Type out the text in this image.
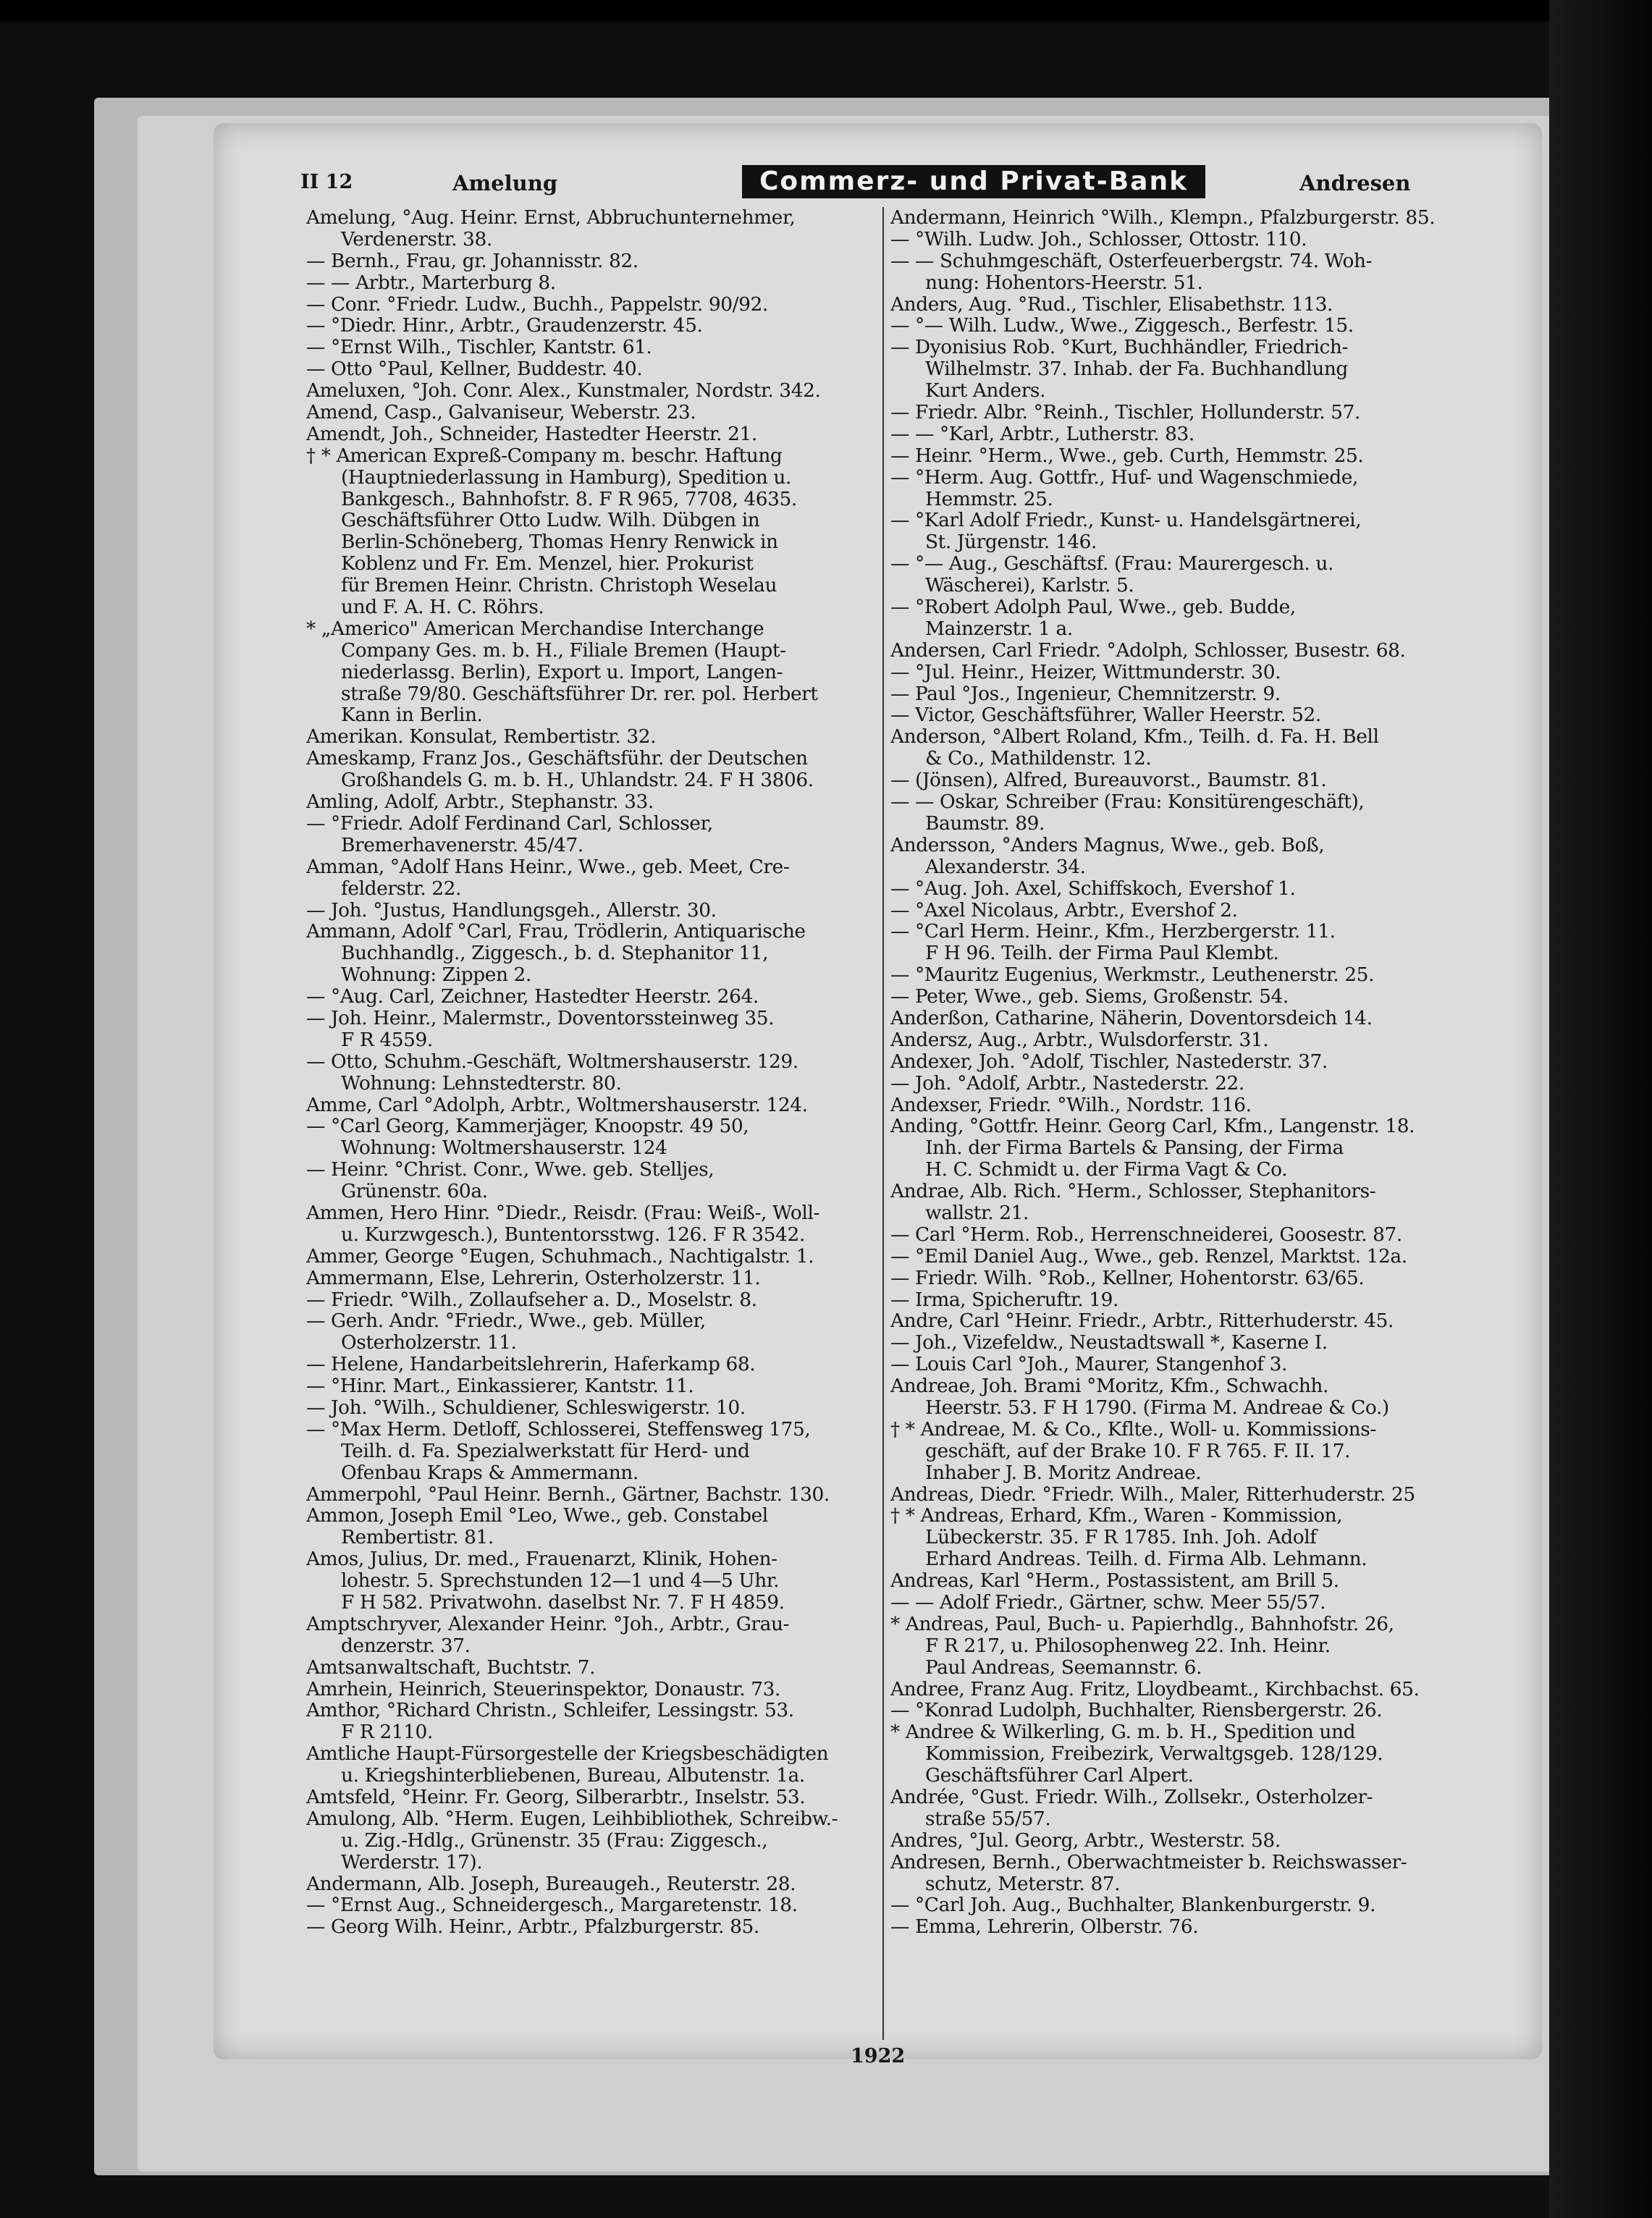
II 12	Amelung	Commerz- und Privat-Bank	Andresen
Amelung, °Aug. Heinr. Ernst, Abbruchunternehmer,
Verdenerstr. 38.
— Bernh., Frau, gr. Johannisstr. 82.
— — Arbtr., Marterburg 8.
— Conr. °Friedr. Ludw., Buchh., Pappelstr. 90/92.
— °Diedr. Hinr., Arbtr., Graudenzerstr. 45.
— °Ernst Wilh., Tischler, Kantstr. 61.
— Otto °Paul, Kellner, Buddestr. 40.
Ameluxen, °Joh. Conr. Alex., Kunstmaler, Nordstr. 342.
Amend, Casp., Galvaniseur, Weberstr. 23.
Amendt, Joh., Schneider, Hastedter Heerstr. 21.
† * American Expreß-Company m. beschr. Haftung
(Hauptniederlassung in Hamburg), Spedition u.
Bankgesch., Bahnhofstr. 8. F R 965, 7708, 4635.
Geschäftsführer Otto Ludw. Wilh. Dübgen in
Berlin-Schöneberg, Thomas Henry Renwick in
Koblenz und Fr. Em. Menzel, hier. Prokurist
für Bremen Heinr. Christn. Christoph Weselau
und F. A. H. C. Röhrs.
* „Americo" American Merchandise Interchange
Company Ges. m. b. H., Filiale Bremen (Haupt-
niederlassg. Berlin), Export u. Import, Langen-
straße 79/80. Geschäftsführer Dr. rer. pol. Herbert
Kann in Berlin.
Amerikan. Konsulat, Rembertistr. 32.
Ameskamp, Franz Jos., Geschäftsführ. der Deutschen
Großhandels G. m. b. H., Uhlandstr. 24. F H 3806.
Amling, Adolf, Arbtr., Stephanstr. 33.
— °Friedr. Adolf Ferdinand Carl, Schlosser,
Bremerhavenerstr. 45/47.
Amman, °Adolf Hans Heinr., Wwe., geb. Meet, Cre-
felderstr. 22.
— Joh. °Justus, Handlungsgeh., Allerstr. 30.
Ammann, Adolf °Carl, Frau, Trödlerin, Antiquarische
Buchhandlg., Ziggesch., b. d. Stephanitor 11,
Wohnung: Zippen 2.
— °Aug. Carl, Zeichner, Hastedter Heerstr. 264.
— Joh. Heinr., Malermstr., Doventorssteinweg 35.
F R 4559.
— Otto, Schuhm.-Geschäft, Woltmershauserstr. 129.
Wohnung: Lehnstedterstr. 80.
Amme, Carl °Adolph, Arbtr., Woltmershauserstr. 124.
— °Carl Georg, Kammerjäger, Knoopstr. 49 50,
Wohnung: Woltmershauserstr. 124
— Heinr. °Christ. Conr., Wwe. geb. Stelljes,
Grünenstr. 60a.
Ammen, Hero Hinr. °Diedr., Reisdr. (Frau: Weiß-, Woll-
u. Kurzwgesch.), Buntentorsstwg. 126. F R 3542.
Ammer, George °Eugen, Schuhmach., Nachtigalstr. 1.
Ammermann, Else, Lehrerin, Osterholzerstr. 11.
— Friedr. °Wilh., Zollaufseher a. D., Moselstr. 8.
— Gerh. Andr. °Friedr., Wwe., geb. Müller,
Osterholzerstr. 11.
— Helene, Handarbeitslehrerin, Haferkamp 68.
— °Hinr. Mart., Einkassierer, Kantstr. 11.
— Joh. °Wilh., Schuldiener, Schleswigerstr. 10.
— °Max Herm. Detloff, Schlosserei, Steffensweg 175,
Teilh. d. Fa. Spezialwerkstatt für Herd- und
Ofenbau Kraps & Ammermann.
Ammerpohl, °Paul Heinr. Bernh., Gärtner, Bachstr. 130.
Ammon, Joseph Emil °Leo, Wwe., geb. Constabel
Rembertistr. 81.
Amos, Julius, Dr. med., Frauenarzt, Klinik, Hohen-
lohestr. 5. Sprechstunden 12—1 und 4—5 Uhr.
F H 582. Privatwohn. daselbst Nr. 7. F H 4859.
Amptschryver, Alexander Heinr. °Joh., Arbtr., Grau-
denzerstr. 37.
Amtsanwaltschaft, Buchtstr. 7.
Amrhein, Heinrich, Steuerinspektor, Donaustr. 73.
Amthor, °Richard Christn., Schleifer, Lessingstr. 53.
F R 2110.
Amtliche Haupt-Fürsorgestelle der Kriegsbeschädigten
u. Kriegshinterbliebenen, Bureau, Albutenstr. 1a.
Amtsfeld, °Heinr. Fr. Georg, Silberarbtr., Inselstr. 53.
Amulong, Alb. °Herm. Eugen, Leihbibliothek, Schreibw.-
u. Zig.-Hdlg., Grünenstr. 35 (Frau: Ziggesch.,
Werderstr. 17).
Andermann, Alb. Joseph, Bureaugeh., Reuterstr. 28.
— °Ernst Aug., Schneidergesch., Margaretenstr. 18.
— Georg Wilh. Heinr., Arbtr., Pfalzburgerstr. 85.
Andermann, Heinrich °Wilh., Klempn., Pfalzburgerstr. 85.
— °Wilh. Ludw. Joh., Schlosser, Ottostr. 110.
— — Schuhmgeschäft, Osterfeuerbergstr. 74. Woh-
nung: Hohentors-Heerstr. 51.
Anders, Aug. °Rud., Tischler, Elisabethstr. 113.
— °— Wilh. Ludw., Wwe., Ziggesch., Berfestr. 15.
— Dyonisius Rob. °Kurt, Buchhändler, Friedrich-
Wilhelmstr. 37. Inhab. der Fa. Buchhandlung
Kurt Anders.
— Friedr. Albr. °Reinh., Tischler, Hollunderstr. 57.
— — °Karl, Arbtr., Lutherstr. 83.
— Heinr. °Herm., Wwe., geb. Curth, Hemmstr. 25.
— °Herm. Aug. Gottfr., Huf- und Wagenschmiede,
Hemmstr. 25.
— °Karl Adolf Friedr., Kunst- u. Handelsgärtnerei,
St. Jürgenstr. 146.
— °— Aug., Geschäftsf. (Frau: Maurergesch. u.
Wäscherei), Karlstr. 5.
— °Robert Adolph Paul, Wwe., geb. Budde,
Mainzerstr. 1 a.
Andersen, Carl Friedr. °Adolph, Schlosser, Busestr. 68.
— °Jul. Heinr., Heizer, Wittmunderstr. 30.
— Paul °Jos., Ingenieur, Chemnitzerstr. 9.
— Victor, Geschäftsführer, Waller Heerstr. 52.
Anderson, °Albert Roland, Kfm., Teilh. d. Fa. H. Bell
& Co., Mathildenstr. 12.
— (Jönsen), Alfred, Bureauvorst., Baumstr. 81.
— — Oskar, Schreiber (Frau: Konsitürengeschäft),
Baumstr. 89.
Andersson, °Anders Magnus, Wwe., geb. Boß,
Alexanderstr. 34.
— °Aug. Joh. Axel, Schiffskoch, Evershof 1.
— °Axel Nicolaus, Arbtr., Evershof 2.
— °Carl Herm. Heinr., Kfm., Herzbergerstr. 11.
F H 96. Teilh. der Firma Paul Klembt.
— °Mauritz Eugenius, Werkmstr., Leuthenerstr. 25.
— Peter, Wwe., geb. Siems, Großenstr. 54.
Anderßon, Catharine, Näherin, Doventorsdeich 14.
Andersz, Aug., Arbtr., Wulsdorferstr. 31.
Andexer, Joh. °Adolf, Tischler, Nastederstr. 37.
— Joh. °Adolf, Arbtr., Nastederstr. 22.
Andexser, Friedr. °Wilh., Nordstr. 116.
Anding, °Gottfr. Heinr. Georg Carl, Kfm., Langenstr. 18.
Inh. der Firma Bartels & Pansing, der Firma
H. C. Schmidt u. der Firma Vagt & Co.
Andrae, Alb. Rich. °Herm., Schlosser, Stephanitors-
wallstr. 21.
— Carl °Herm. Rob., Herrenschneiderei, Goosestr. 87.
— °Emil Daniel Aug., Wwe., geb. Renzel, Marktst. 12a.
— Friedr. Wilh. °Rob., Kellner, Hohentorstr. 63/65.
— Irma, Spicheruftr. 19.
Andre, Carl °Heinr. Friedr., Arbtr., Ritterhuderstr. 45.
— Joh., Vizefeldw., Neustadtswall *, Kaserne I.
— Louis Carl °Joh., Maurer, Stangenhof 3.
Andreae, Joh. Brami °Moritz, Kfm., Schwachh.
Heerstr. 53. F H 1790. (Firma M. Andreae & Co.)
† * Andreae, M. & Co., Kflte., Woll- u. Kommissions-
geschäft, auf der Brake 10. F R 765. F. II. 17.
Inhaber J. B. Moritz Andreae.
Andreas, Diedr. °Friedr. Wilh., Maler, Ritterhuderstr. 25
† * Andreas, Erhard, Kfm., Waren - Kommission,
Lübeckerstr. 35. F R 1785. Inh. Joh. Adolf
Erhard Andreas. Teilh. d. Firma Alb. Lehmann.
Andreas, Karl °Herm., Postassistent, am Brill 5.
— — Adolf Friedr., Gärtner, schw. Meer 55/57.
* Andreas, Paul, Buch- u. Papierhdlg., Bahnhofstr. 26,
F R 217, u. Philosophenweg 22. Inh. Heinr.
Paul Andreas, Seemannstr. 6.
Andree, Franz Aug. Fritz, Lloydbeamt., Kirchbachst. 65.
— °Konrad Ludolph, Buchhalter, Riensbergerstr. 26.
* Andree & Wilkerling, G. m. b. H., Spedition und
Kommission, Freibezirk, Verwaltgsgeb. 128/129.
Geschäftsführer Carl Alpert.
Andrée, °Gust. Friedr. Wilh., Zollsekr., Osterholzer-
straße 55/57.
Andres, °Jul. Georg, Arbtr., Westerstr. 58.
Andresen, Bernh., Oberwachtmeister b. Reichswasser-
schutz, Meterstr. 87.
— °Carl Joh. Aug., Buchhalter, Blankenburgerstr. 9.
— Emma, Lehrerin, Olberstr. 76.
1922
